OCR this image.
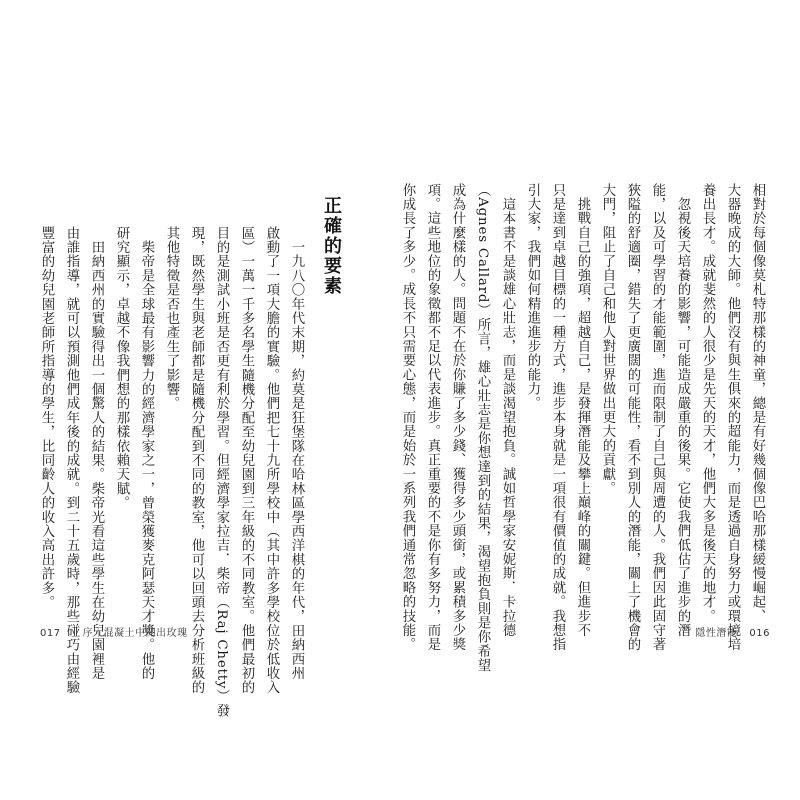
正確的要素
　一九八〇年代末期，約莫是狂堡隊在哈林區學西洋棋的年代，田納西州
啟動了一項大膽的實驗。他們把七十九所學校中（其中許多學校位於低收入
區）一萬一千多名學生隨機分配至幼兒園到三年級的不同教室。他們最初的
目的是測試小班是否更有利於學習。但經濟學家拉吉．柴帝（Raj Chetty）發
現，既然學生與老師都是隨機分配到不同的教室，他可以回頭去分析班級的
其他特徵是否也產生了影響。
　柴帝是全球最有影響力的經濟學家之一，曾榮獲麥克阿瑟天才獎。他的
研究顯示，卓越不像我們想的那樣依賴天賦。
　田納西州的實驗得出一個驚人的結果。柴帝光看這些學生在幼兒園裡是
由誰指導，就可以預測他們成年後的成就。到二十五歲時，那些碰巧由經驗
豐富的幼兒園老師所指導的學生，比同齡人的收入高出許多。
017 序｜混凝土中開出玫瑰
相對於每個像莫札特那樣的神童，總是有好幾個像巴哈那樣緩慢崛起、
大器晚成的大師。他們沒有與生俱來的超能力，而是透過自身努力或環境培
養出長才。成就斐然的人很少是先天的天才，他們大多是後天的地才。
　忽視後天培養的影響，可能造成嚴重的後果。它使我們低估了進步的潛
能，以及可學習的才能範圍，進而限制了自己與周遭的人。我們因此固守著
狹隘的舒適圈，錯失了更廣闊的可能性，看不到別人的潛能，關上了機會的
大門，阻止了自己和他人對世界做出更大的貢獻。
　挑戰自己的強項，超越自己，是發揮潛能及攀上巔峰的關鍵。但進步不
只是達到卓越目標的一種方式，進步本身就是一項很有價值的成就。我想指
引大家，我們如何精進進步的能力。
　這本書不是談雄心壯志，而是談渴望抱負。誠如哲學家安妮斯．卡拉德
（Agnes Callard）所言，雄心壯志是你想達到的結果，渴望抱負則是你希望
成為什麼樣的人。問題不在於你賺了多少錢、獲得多少頭銜，或累積多少獎
項。這些地位的象徵都不足以代表進步。真正重要的不是你有多努力，而是
你成長了多少。成長不只需要心態，而是始於一系列我們通常忽略的技能。	隱性潛能 016
